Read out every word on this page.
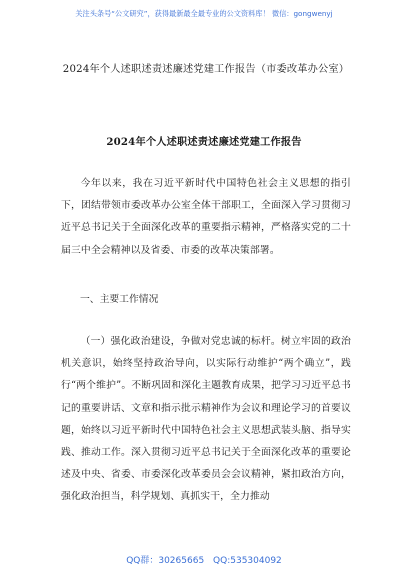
关注头条号“公文研究”，获得最新最全最专业的公文资料库！ 微信：gongwenyj
2024年个人述职述责述廉述党建工作报告（市委改革办公室）
2024年个人述职述责述廉述党建工作报告

今年以来，我在习近平新时代中国特色社会主义思想的指引下，团结带领市委改革办公室全体干部职工，全面深入学习贯彻习近平总书记关于全面深化改革的重要指示精神，严格落实党的二十届三中全会精神以及省委、市委的改革决策部署。

一、主要工作情况

（一）强化政治建设，争做对党忠诚的标杆。树立牢固的政治机关意识，始终坚持政治导向，以实际行动维护“两个确立”，践行“两个维护”。不断巩固和深化主题教育成果，把学习习近平总书记的重要讲话、文章和指示批示精神作为会议和理论学习的首要议题，始终以习近平新时代中国特色社会主义思想武装头脑、指导实践、推动工作。深入贯彻习近平总书记关于全面深化改革的重要论述及中央、省委、市委深化改革委员会会议精神，紧扣政治方向，强化政治担当，科学规划、真抓实干，全力推动

QQ群：30265665 QQ:535304092
